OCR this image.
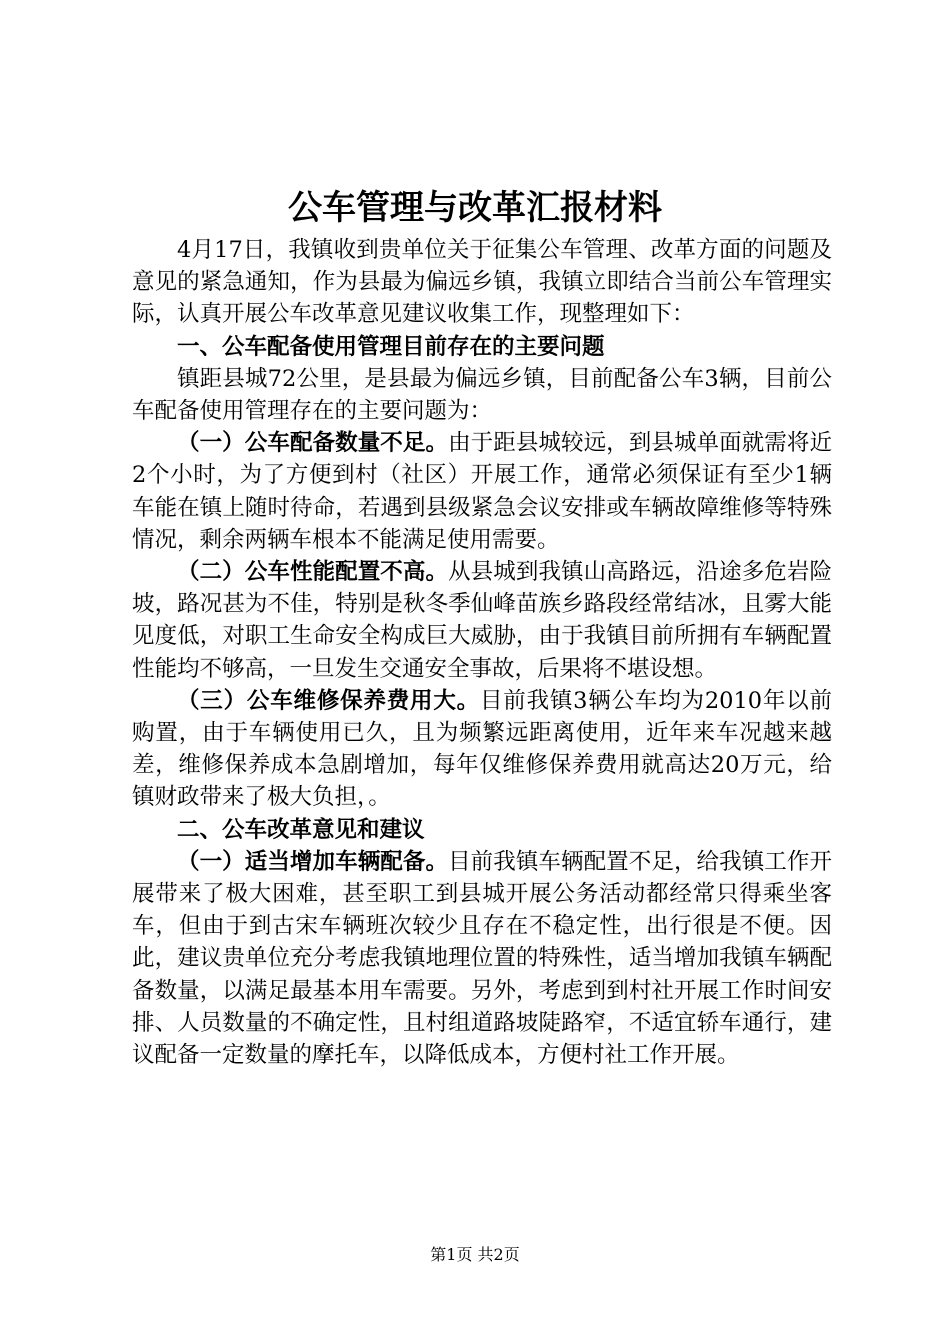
公车管理与改革汇报材料

4月17日，我镇收到贵单位关于征集公车管理、改革方面的问题及意见的紧急通知，作为县最为偏远乡镇，我镇立即结合当前公车管理实际，认真开展公车改革意见建议收集工作，现整理如下：

一、公车配备使用管理目前存在的主要问题

镇距县城72公里，是县最为偏远乡镇，目前配备公车3辆，目前公车配备使用管理存在的主要问题为：

（一）公车配备数量不足。由于距县城较远，到县城单面就需将近2个小时，为了方便到村（社区）开展工作，通常必须保证有至少1辆车能在镇上随时待命，若遇到县级紧急会议安排或车辆故障维修等特殊情况，剩余两辆车根本不能满足使用需要。

（二）公车性能配置不高。从县城到我镇山高路远，沿途多危岩险坡，路况甚为不佳，特别是秋冬季仙峰苗族乡路段经常结冰，且雾大能见度低，对职工生命安全构成巨大威胁，由于我镇目前所拥有车辆配置性能均不够高，一旦发生交通安全事故，后果将不堪设想。

（三）公车维修保养费用大。目前我镇3辆公车均为2010年以前购置，由于车辆使用已久，且为频繁远距离使用，近年来车况越来越差，维修保养成本急剧增加，每年仅维修保养费用就高达20万元，给镇财政带来了极大负担，。

二、公车改革意见和建议

（一）适当增加车辆配备。目前我镇车辆配置不足，给我镇工作开展带来了极大困难，甚至职工到县城开展公务活动都经常只得乘坐客车，但由于到古宋车辆班次较少且存在不稳定性，出行很是不便。因此，建议贵单位充分考虑我镇地理位置的特殊性，适当增加我镇车辆配备数量，以满足最基本用车需要。另外，考虑到到村社开展工作时间安排、人员数量的不确定性，且村组道路坡陡路窄，不适宜轿车通行，建议配备一定数量的摩托车，以降低成本，方便村社工作开展。

第1页 共2页
